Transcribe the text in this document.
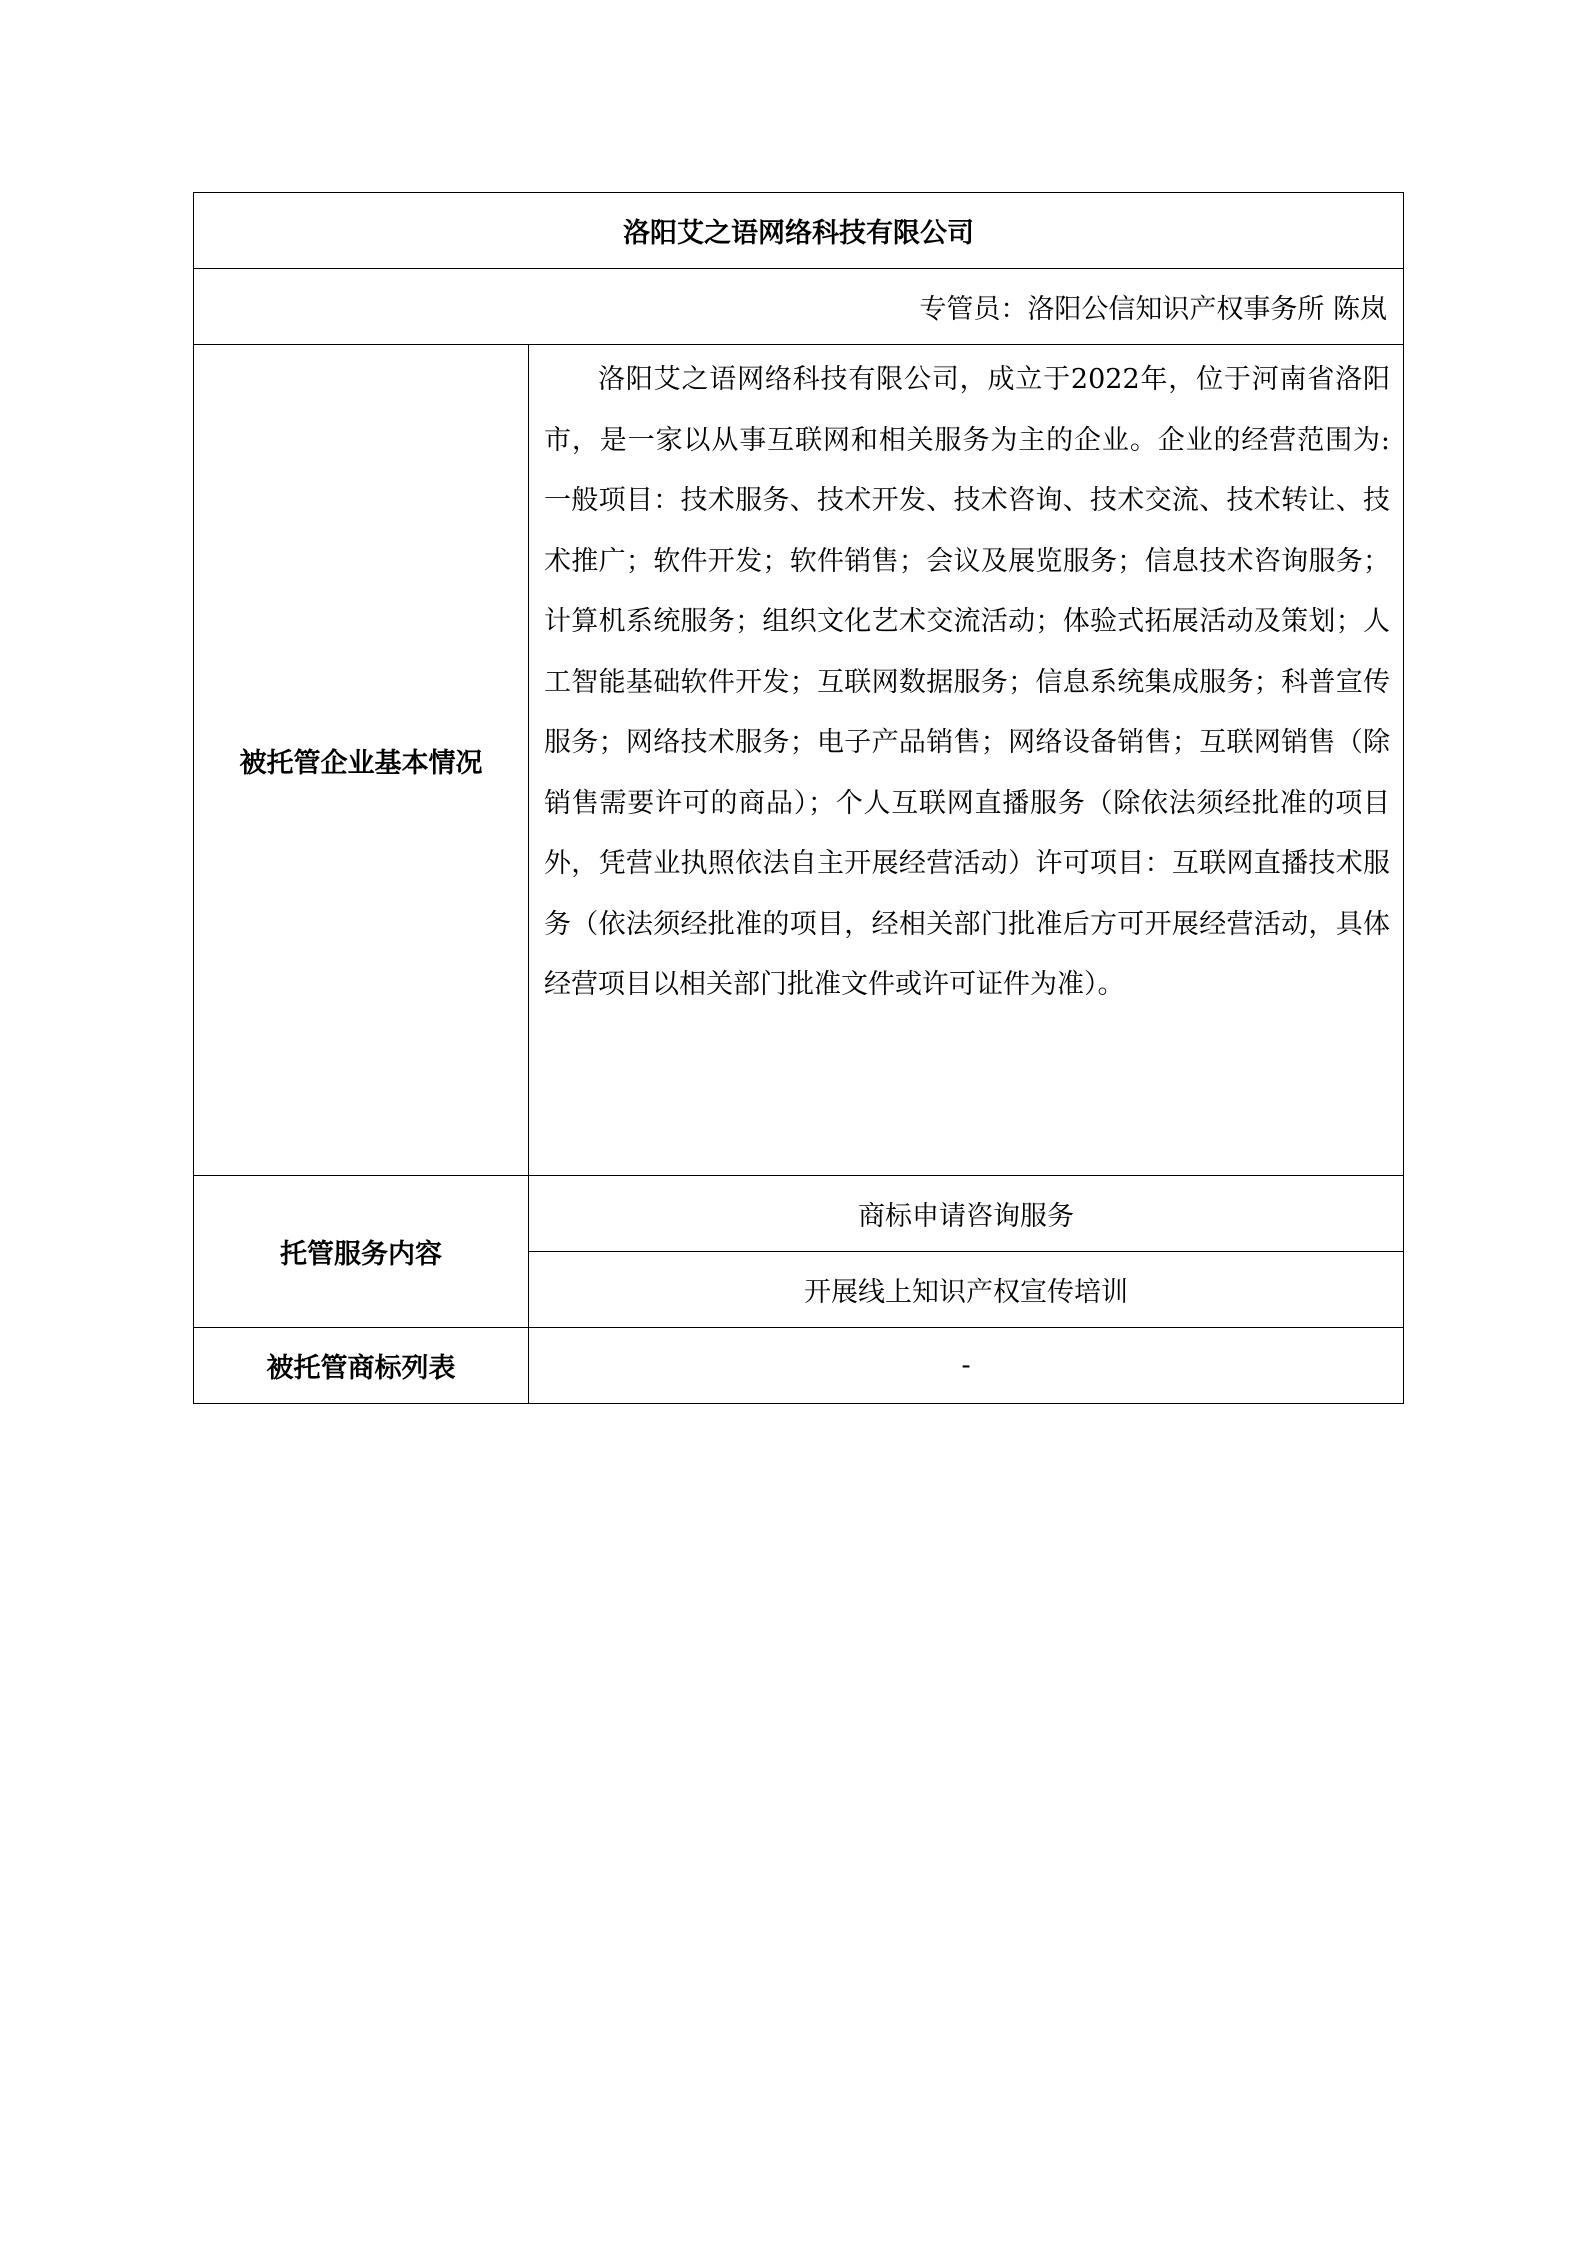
洛阳艾之语网络科技有限公司	
专管员：洛阳公信知识产权事务所 陈岚	
被托管企业基本情况	洛阳艾之语网络科技有限公司，成立于2022年，位于河南省洛阳市，是一家以从事互联网和相关服务为主的企业。企业的经营范围为:一般项目：技术服务、技术开发、技术咨询、技术交流、技术转让、技术推广；软件开发；软件销售；会议及展览服务；信息技术咨询服务；计算机系统服务；组织文化艺术交流活动；体验式拓展活动及策划；人工智能基础软件开发；互联网数据服务；信息系统集成服务；科普宣传服务；网络技术服务；电子产品销售；网络设备销售；互联网销售（除销售需要许可的商品）；个人互联网直播服务（除依法须经批准的项目外，凭营业执照依法自主开展经营活动）许可项目：互联网直播技术服务（依法须经批准的项目，经相关部门批准后方可开展经营活动，具体经营项目以相关部门批准文件或许可证件为准）。

托管服务内容	商标申请咨询服务
	开展线上知识产权宣传培训
被托管商标列表	-
